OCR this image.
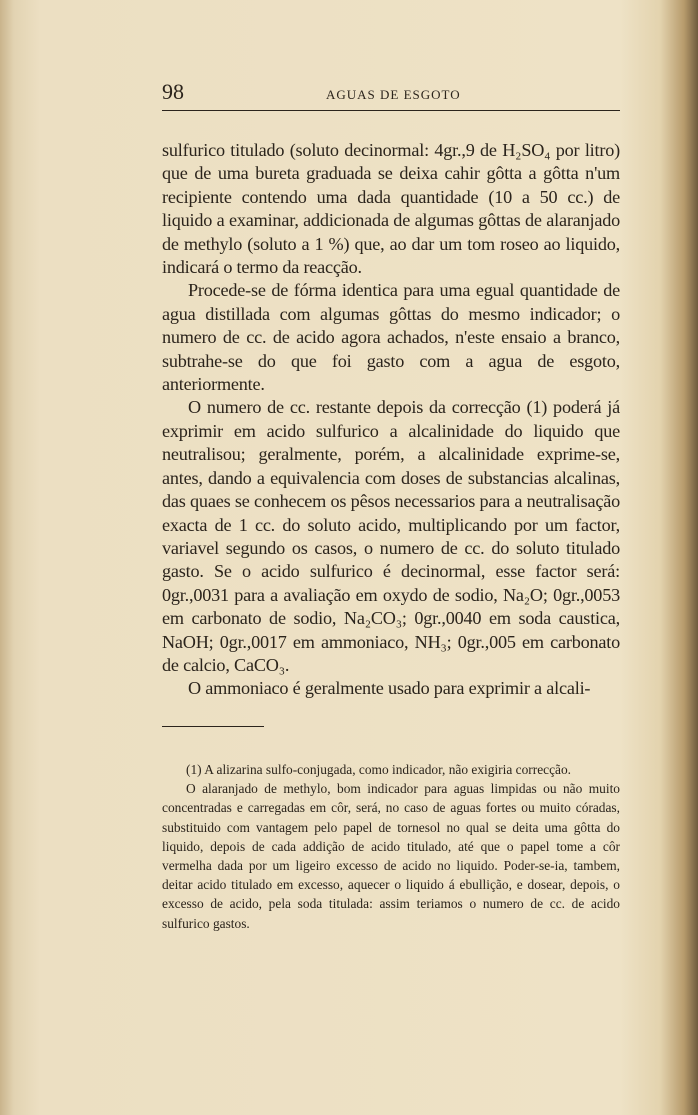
98	AGUAS DE ESGOTO

sulfurico titulado (soluto decinormal: 4gr.,9 de H₂SO₄ por litro) que de uma bureta graduada se deixa cahir gôtta a gôtta n'um recipiente contendo uma dada quantidade (10 a 50 cc.) de liquido a examinar, addicionada de algumas gôttas de alaranjado de methylo (soluto a 1 %) que, ao dar um tom roseo ao liquido, indicará o termo da reacção.

Procede-se de fórma identica para uma egual quantidade de agua distillada com algumas gôttas do mesmo indicador; o numero de cc. de acido agora achados, n'este ensaio a branco, subtrahe-se do que foi gasto com a agua de esgoto, anteriormente.

O numero de cc. restante depois da correcção (1) poderá já exprimir em acido sulfurico a alcalinidade do liquido que neutralisou; geralmente, porém, a alcalinidade exprime-se, antes, dando a equivalencia com doses de substancias alcalinas, das quaes se conhecem os pêsos necessarios para a neutralisação exacta de 1 cc. do soluto acido, multiplicando por um factor, variavel segundo os casos, o numero de cc. do soluto titulado gasto. Se o acido sulfurico é decinormal, esse factor será: 0gr.,0031 para a avaliação em oxydo de sodio, Na₂O; 0gr.,0053 em carbonato de sodio, Na₂CO₃; 0gr.,0040 em soda caustica, NaOH; 0gr.,0017 em ammoniaco, NH₃; 0gr.,005 em carbonato de calcio, CaCO₃.

O ammoniaco é geralmente usado para exprimir a alcali-

(1) A alizarina sulfo-conjugada, como indicador, não exigiria correcção.

O alaranjado de methylo, bom indicador para aguas limpidas ou não muito concentradas e carregadas em côr, será, no caso de aguas fortes ou muito córadas, substituido com vantagem pelo papel de tornesol no qual se deita uma gôtta do liquido, depois de cada addição de acido titulado, até que o papel tome a côr vermelha dada por um ligeiro excesso de acido no liquido. Poder-se-ia, tambem, deitar acido titulado em excesso, aquecer o liquido á ebullição, e dosear, depois, o excesso de acido, pela soda titulada: assim teriamos o numero de cc. de acido sulfurico gastos.
